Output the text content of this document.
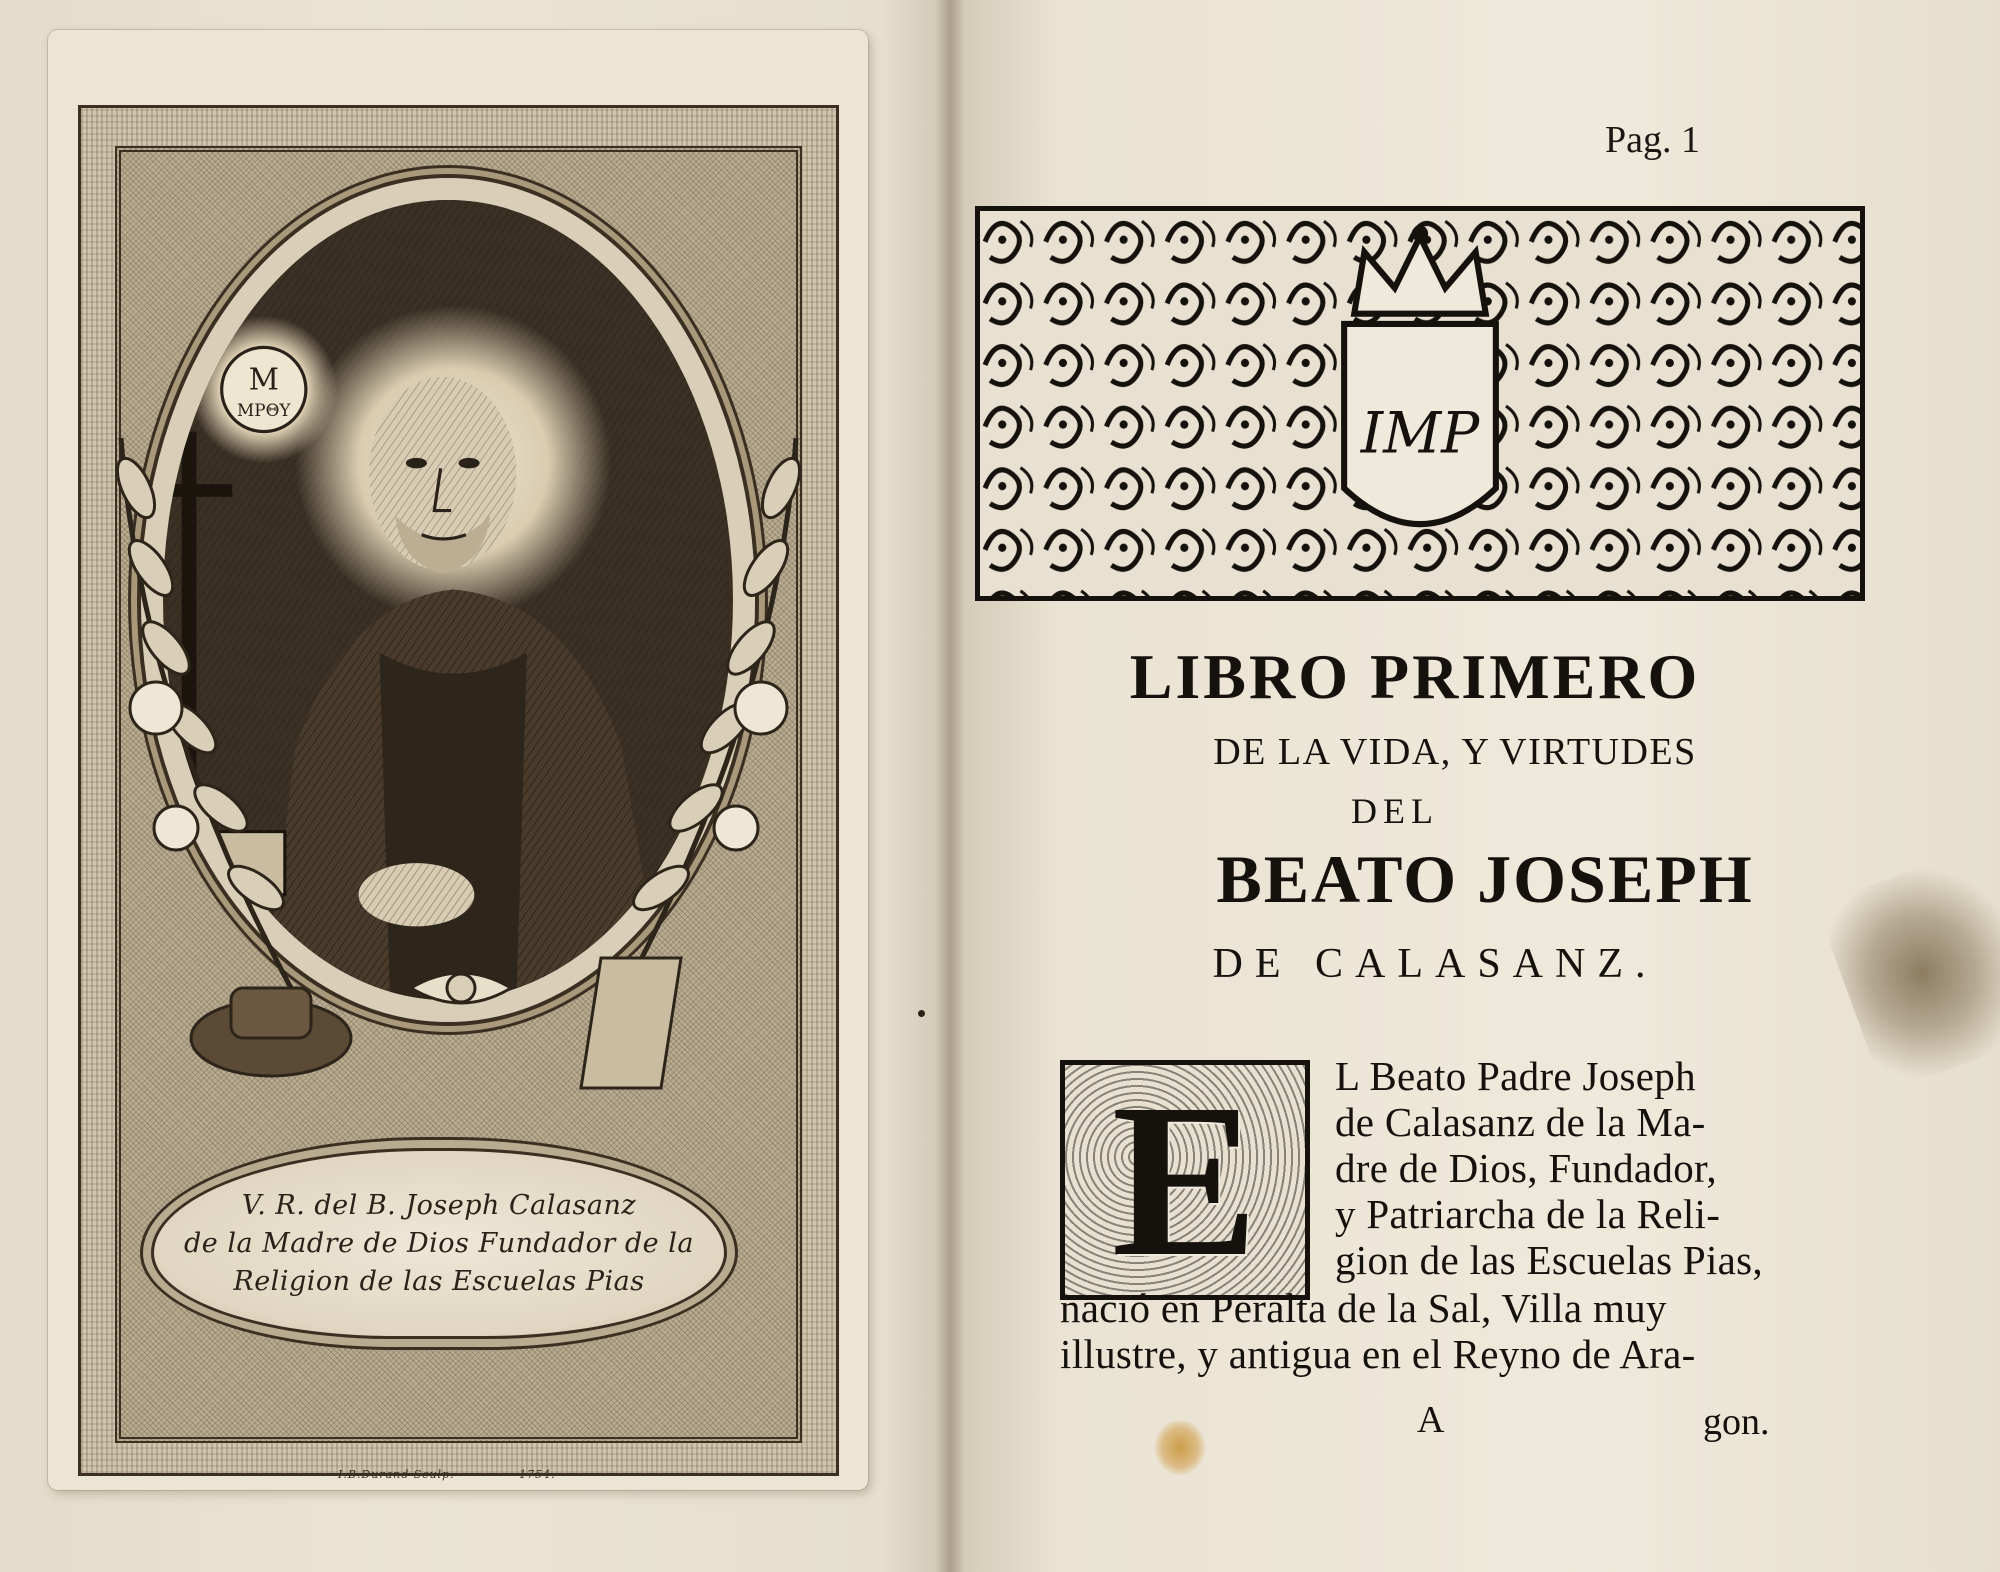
M
MPΘY
V. R. del B. Joseph Calasanz
de la Madre de Dios Fundador de la
Religion de las Escuelas Pias
I.B.Durand Sculp.	1754.
Pag. 1
IMP
LIBRO PRIMERO
DE LA VIDA, Y VIRTUDES
DEL
BEATO JOSEPH
DE CALASANZ.
E L Beato Padre Joseph
de Calasanz de la Ma-
dre de Dios, Fundador,
y Patriarcha de la Reli-
gion de las Escuelas Pias,
nació en Peralta de la Sal, Villa muy
illustre, y antigua en el Reyno de Ara-
A	gon.
